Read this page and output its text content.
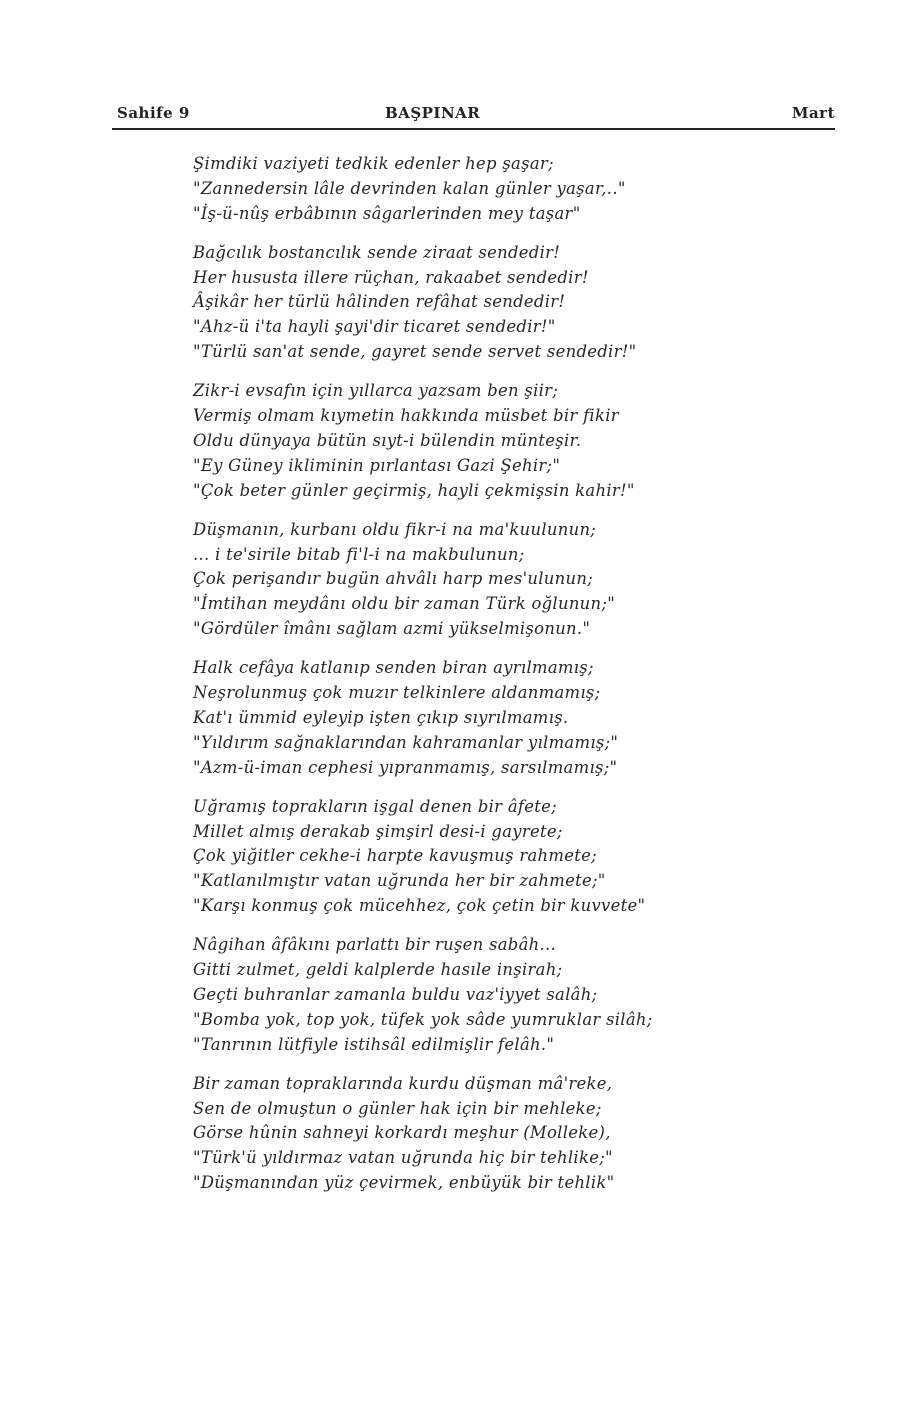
Sahife 9	BAŞPINAR	Mart
Şimdiki vaziyeti tedkik edenler hep şaşar;
"Zannedersin lâle devrinden kalan günler yaşar,.."
"İş-ü-nûş erbâbının sâgarlerinden mey taşar"
Bağcılık bostancılık sende ziraat sendedir!
Her hususta illere rüçhan, rakaabet sendedir!
Âşikâr her türlü hâlinden refâhat sendedir!
"Ahz-ü i'ta hayli şayi'dir ticaret sendedir!"
"Türlü san'at sende, gayret sende servet sendedir!"
Zikr-i evsafın için yıllarca yazsam ben şiir;
Vermiş olmam kıymetin hakkında müsbet bir fikir
Oldu dünyaya bütün sıyt-i bülendin münteşir.
"Ey Güney ikliminin pırlantası Gazi Şehir;"
"Çok beter günler geçirmiş, hayli çekmişsin kahir!"
Düşmanın, kurbanı oldu fikr-i na ma'kuulunun;
... i te'sirile bitab fi'l-i na makbulunun;
Çok perişandır bugün ahvâlı harp mes'ulunun;
"İmtihan meydânı oldu bir zaman Türk oğlunun;"
"Gördüler îmânı sağlam azmi yükselmişonun."
Halk cefâya katlanıp senden biran ayrılmamış;
Neşrolunmuş çok muzır telkinlere aldanmamış;
Kat'ı ümmid eyleyip işten çıkıp sıyrılmamış.
"Yıldırım sağnaklarından kahramanlar yılmamış;"
"Azm-ü-iman cephesi yıpranmamış, sarsılmamış;"
Uğramış toprakların işgal denen bir âfete;
Millet almış derakab şimşirl desi-i gayrete;
Çok yiğitler cekhe-i harpte kavuşmuş rahmete;
"Katlanılmıştır vatan uğrunda her bir zahmete;"
"Karşı konmuş çok mücehhez, çok çetin bir kuvvete"
Nâgihan âfâkını parlattı bir ruşen sabâh...
Gitti zulmet, geldi kalplerde hasıle inşirah;
Geçti buhranlar zamanla buldu vaz'iyyet salâh;
"Bomba yok, top yok, tüfek yok sâde yumruklar silâh;
"Tanrının lütfiyle istihsâl edilmişlir felâh."
Bir zaman topraklarında kurdu düşman mâ'reke,
Sen de olmuştun o günler hak için bir mehleke;
Görse hûnin sahneyi korkardı meşhur (Molleke),
"Türk'ü yıldırmaz vatan uğrunda hiç bir tehlike;"
"Düşmanından yüz çevirmek, enbüyük bir tehlik"
